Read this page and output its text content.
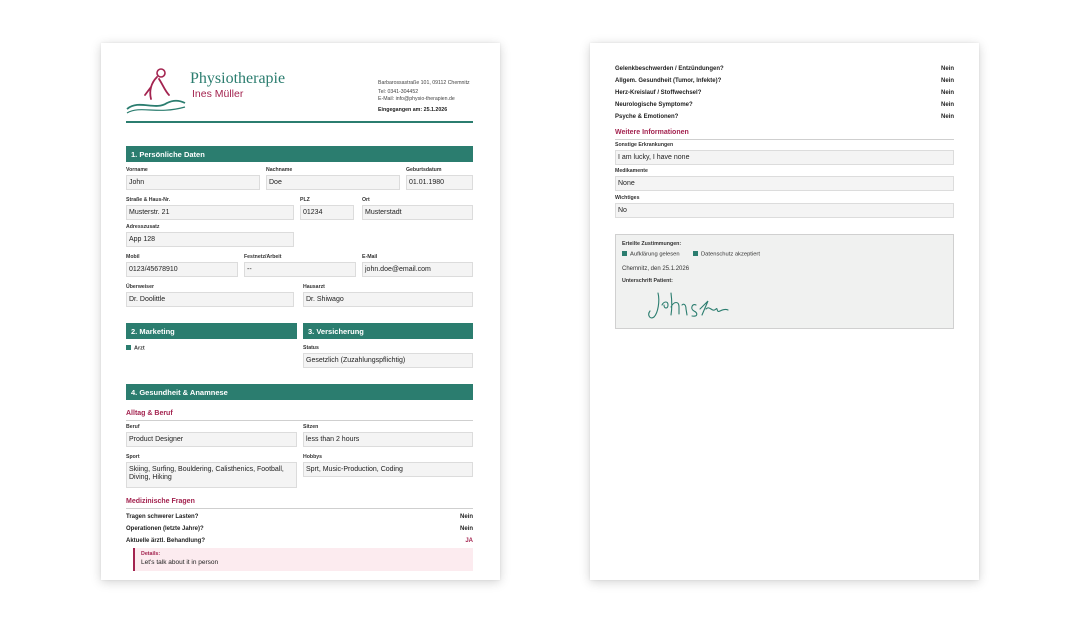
Physiotherapie
Ines Müller
Barbarossastraße 101, 09112 Chemnitz
Tel: 0341-304452
E-Mail: info@physio-therapien.de
Eingegangen am: 25.1.2026
1. Persönliche Daten
Vorname
John
Nachname
Doe
Geburtsdatum
01.01.1980
Straße & Haus-Nr.
Musterstr. 21
PLZ
01234
Ort
Musterstadt
Adresszusatz
App 128
Mobil
0123/45678910
Festnetz/Arbeit
--
E-Mail
john.doe@email.com
Überweiser
Dr. Doolittle
Hausarzt
Dr. Shiwago
2. Marketing	3. Versicherung
Arzt	Status
Gesetzlich (Zuzahlungspflichtig)
4. Gesundheit & Anamnese
Alltag & Beruf
Beruf
Product Designer
Sitzen
less than 2 hours
Sport
Skiing, Surfing, Bouldering, Calisthenics, Football, Diving, Hiking
Hobbys
Sprt, Music-Production, Coding
Medizinische Fragen
Tragen schwerer Lasten?	Nein
Operationen (letzte Jahre)?	Nein
Aktuelle ärztl. Behandlung?	JA
Details:
Let's talk about it in person
Gelenkbeschwerden / Entzündungen?	Nein
Allgem. Gesundheit (Tumor, Infekte)?	Nein
Herz-Kreislauf / Stoffwechsel?	Nein
Neurologische Symptome?	Nein
Psyche & Emotionen?	Nein
Weitere Informationen
Sonstige Erkrankungen
I am lucky, I have none
Medikamente
None
Wichtiges
No
Erteilte Zustimmungen:
Aufklärung gelesen	Datenschutz akzeptiert
Chemnitz, den 25.1.2026
Unterschrift Patient:
